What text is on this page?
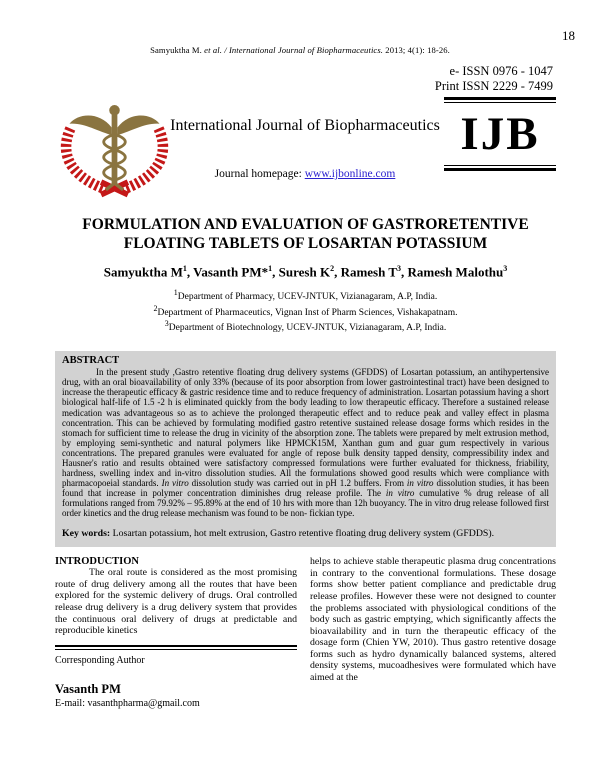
18
Samyuktha M. et al. / International Journal of Biopharmaceutics. 2013; 4(1): 18-26.
e- ISSN 0976 - 1047
Print ISSN 2229 - 7499
International Journal of Biopharmaceutics
Journal homepage: www.ijbonline.com
IJB
FORMULATION AND EVALUATION OF GASTRORETENTIVE
FLOATING TABLETS OF LOSARTAN POTASSIUM
Samyuktha $M^1$, Vasanth PM*$^1$, Suresh $K^2$, Ramesh $T^3$, Ramesh Malothu$^3$
$^1$Department of Pharmacy, UCEV-JNTUK, Vizianagaram, A.P, India.
$^2$Department of Pharmaceutics, Vignan Inst of Pharm Sciences, Vishakapatnam.
$^3$Department of Biotechnology, UCEV-JNTUK, Vizianagaram, A.P, India.
ABSTRACT
In the present study ,Gastro retentive floating drug delivery systems (GFDDS) of Losartan potassium, an antihypertensive drug, with an oral bioavailability of only 33% (because of its poor absorption from lower gastrointestinal tract) have been designed to increase the therapeutic efficacy & gastric residence time and to reduce frequency of administration. Losartan potassium having a short biological half-life of 1.5 -2 h is eliminated quickly from the body leading to low therapeutic efficacy. Therefore a sustained release medication was advantageous so as to achieve the prolonged therapeutic effect and to reduce peak and valley effect in plasma concentration. This can be achieved by formulating modified gastro retentive sustained release dosage forms which resides in the stomach for sufficient time to release the drug in vicinity of the absorption zone. The tablets were prepared by melt extrusion method, by employing semi-synthetic and natural polymers like HPMCK15M, Xanthan gum and guar gum respectively in various concentrations. The prepared granules were evaluated for angle of repose bulk density tapped density, compressibility index and Hausner's ratio and results obtained were satisfactory compressed formulations were further evaluated for thickness, friability, hardness, swelling index and in-vitro dissolution studies. All the formulations showed good results which were compliance with pharmacopoeial standards. In vitro dissolution study was carried out in pH 1.2 buffers. From in vitro dissolution studies, it has been found that increase in polymer concentration diminishes drug release profile. The in vitro cumulative % drug release of all formulations ranged from 79.92% – 95.89% at the end of 10 hrs with more than 12h buoyancy. The in vitro drug release followed first order kinetics and the drug release mechanism was found to be non- fickian type.
Key words: Losartan potassium, hot melt extrusion, Gastro retentive floating drug delivery system (GFDDS).
INTRODUCTION
The oral route is considered as the most promising route of drug delivery among all the routes that have been explored for the systemic delivery of drugs. Oral controlled release drug delivery is a drug delivery system that provides the continuous oral delivery of drugs at predictable and reproducible kinetics
Corresponding Author
Vasanth PM
E-mail: vasanthpharma@gmail.com
helps to achieve stable therapeutic plasma drug concentrations in contrary to the conventional formulations. These dosage forms show better patient compliance and predictable drug release profiles. However these were not designed to counter the problems associated with physiological conditions of the body such as gastric emptying, which significantly affects the bioavailability and in turn the therapeutic efficacy of the dosage form (Chien YW, 2010). Thus gastro retentive dosage forms such as hydro dynamically balanced systems, altered density systems, mucoadhesives were formulated which have aimed at the
